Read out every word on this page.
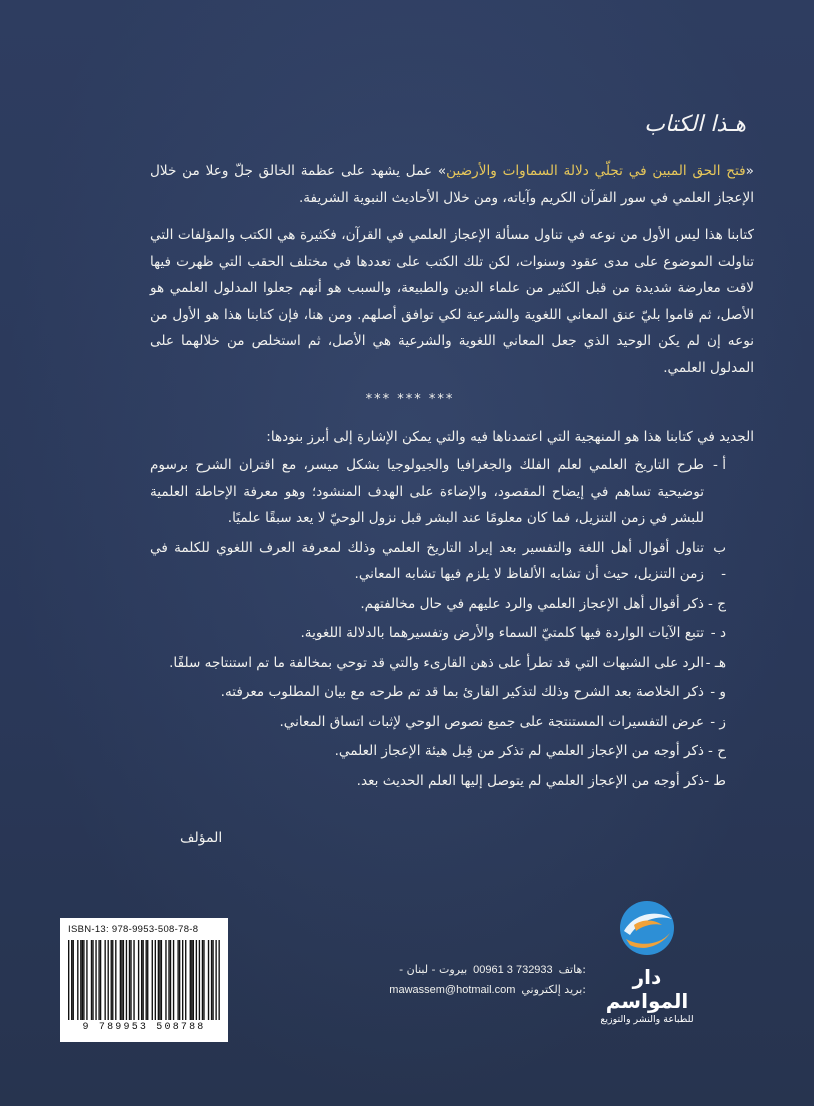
هـذا الكتاب
«فتح الحق المبين في تجلّي دلالة السماوات والأرضين» عمل يشهد على عظمة الخالق جلّ وعلا من خلال الإعجاز العلمي في سور القرآن الكريم وآياته، ومن خلال الأحاديث النبوية الشريفة.
كتابنا هذا ليس الأول من نوعه في تناول مسألة الإعجاز العلمي في القرآن، فكثيرة هي الكتب والمؤلفات التي تناولت الموضوع على مدى عقود وسنوات، لكن تلك الكتب على تعددها في مختلف الحقب التي ظهرت فيها لاقت معارضة شديدة من قبل الكثير من علماء الدين والطبيعة، والسبب هو أنهم جعلوا المدلول العلمي هو الأصل، ثم قاموا بليّ عنق المعاني اللغوية والشرعية لكي توافق أصلهم. ومن هنا، فإن كتابنا هذا هو الأول من نوعه إن لم يكن الوحيد الذي جعل المعاني اللغوية والشرعية هي الأصل، ثم استخلص من خلالهما على المدلول العلمي.
*** *** ***
الجديد في كتابنا هذا هو المنهجية التي اعتمدناها فيه والتي يمكن الإشارة إلى أبرز بنودها:
أ -
طرح التاريخ العلمي لعلم الفلك والجغرافيا والجيولوجيا بشكل ميسر، مع اقتران الشرح برسوم توضيحية تساهم في إيضاح المقصود، والإضاءة على الهدف المنشود؛ وهو معرفة الإحاطة العلمية للبشر في زمن التنزيل، فما كان معلومًا عند البشر قبل نزول الوحيّ لا يعد سبقًا علميًا.
ب -
تناول أقوال أهل اللغة والتفسير بعد إيراد التاريخ العلمي وذلك لمعرفة العرف اللغوي للكلمة في زمن التنزيل، حيث أن تشابه الألفاظ لا يلزم فيها تشابه المعاني.
ج -
ذكر أقوال أهل الإعجاز العلمي والرد عليهم في حال مخالفتهم.
د -
تتبع الآيات الواردة فيها كلمتيّ السماء والأرض وتفسيرهما بالدلالة اللغوية.
هـ -
الرد على الشبهات التي قد تطرأ على ذهن القارىء والتي قد توحي بمخالفة ما تم استنتاجه سلفًا.
و -
ذكر الخلاصة بعد الشرح وذلك لتذكير القارئ بما قد تم طرحه مع بيان المطلوب معرفته.
ز -
عرض التفسيرات المستنتجة على جميع نصوص الوحي لإثبات اتساق المعاني.
ح -
ذكر أوجه من الإعجاز العلمي لم تذكر من قِبل هيئة الإعجاز العلمي.
ط -
ذكر أوجه من الإعجاز العلمي لم يتوصل إليها العلم الحديث بعد.
المؤلف
ISBN-13: 978-9953-508-78-8
9 789953 508788
- بيروت - لبنان 00961 3 732933 هاتف:
mawassem@hotmail.com بريد إلكتروني:
دار المواسم
للطباعة والنشر والتوزيع
